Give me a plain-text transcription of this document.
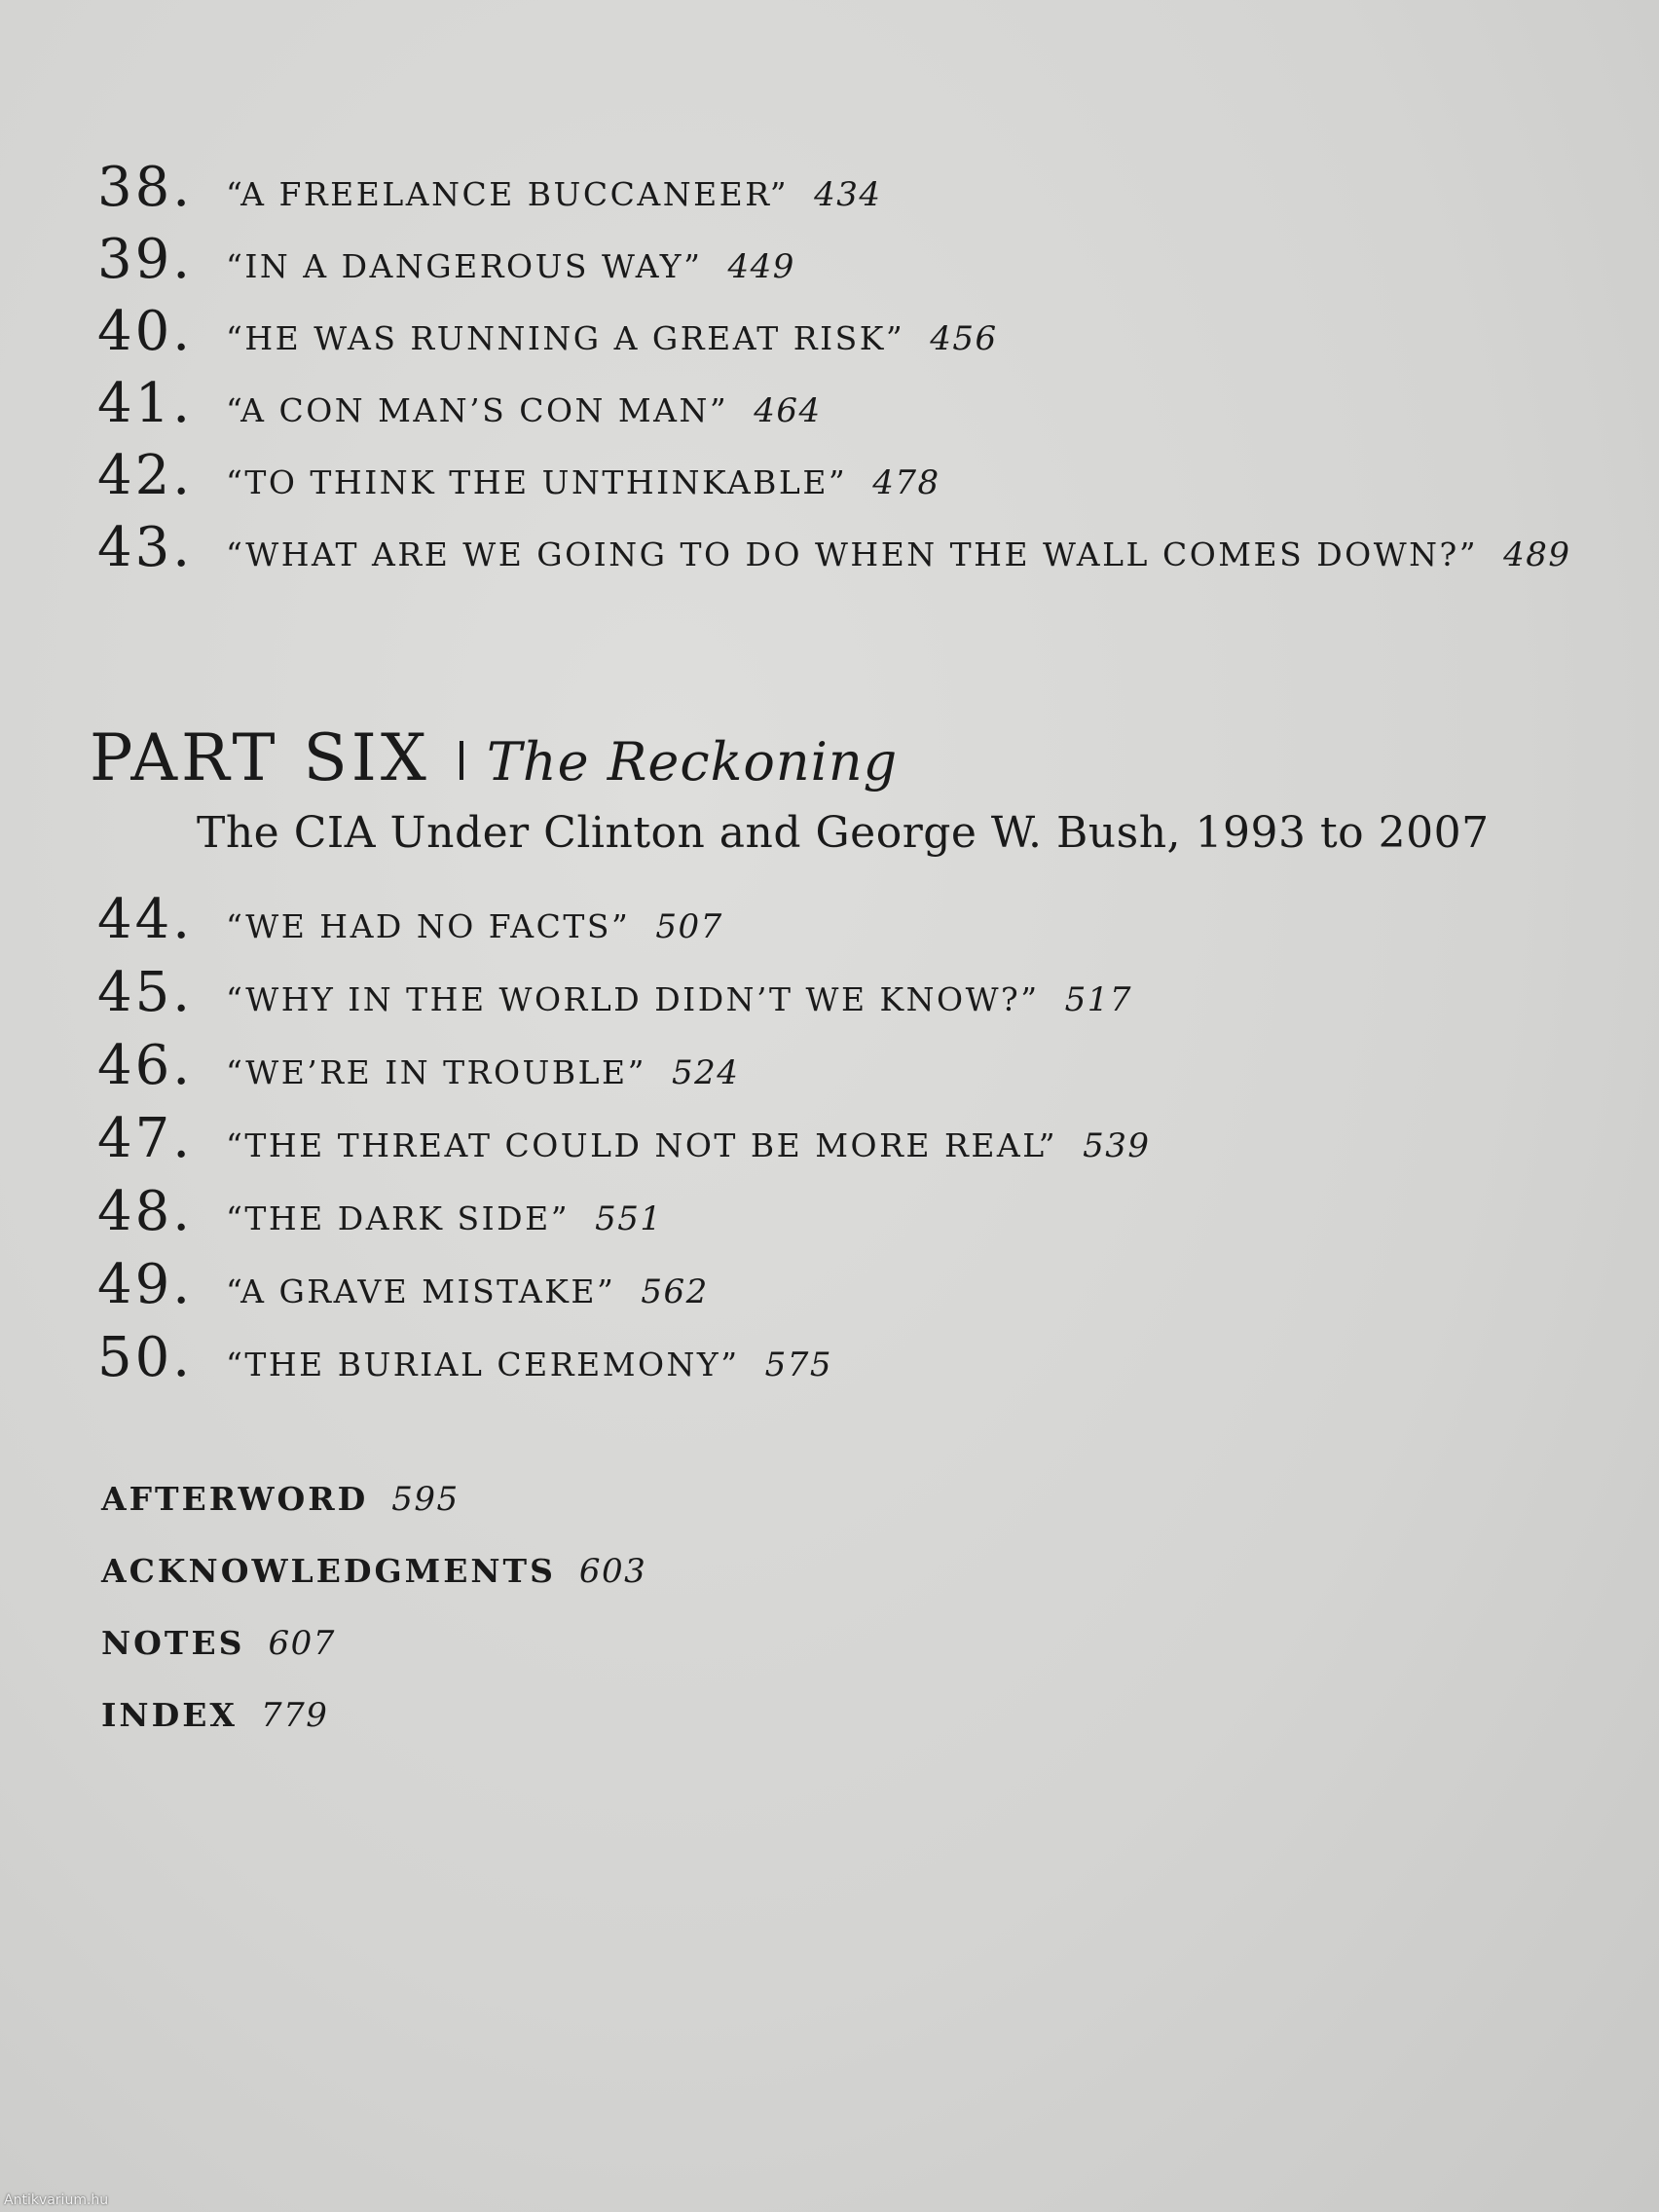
38.	“A FREELANCE BUCCANEER” 434
39.	“IN A DANGEROUS WAY” 449
40.	“HE WAS RUNNING A GREAT RISK” 456
41.	“A CON MAN’S CON MAN” 464
42.	“TO THINK THE UNTHINKABLE” 478
43.	“WHAT ARE WE GOING TO DO WHEN THE WALL COMES DOWN?” 489
PART SIX The Reckoning
The CIA Under Clinton and George W. Bush, 1993 to 2007
44.	“WE HAD NO FACTS” 507
45.	“WHY IN THE WORLD DIDN’T WE KNOW?” 517
46.	“WE’RE IN TROUBLE” 524
47.	“THE THREAT COULD NOT BE MORE REAL” 539
48.	“THE DARK SIDE” 551
49.	“A GRAVE MISTAKE” 562
50.	“THE BURIAL CEREMONY” 575
AFTERWORD 595
ACKNOWLEDGMENTS 603
NOTES 607
INDEX 779
Antikvarium.hu
